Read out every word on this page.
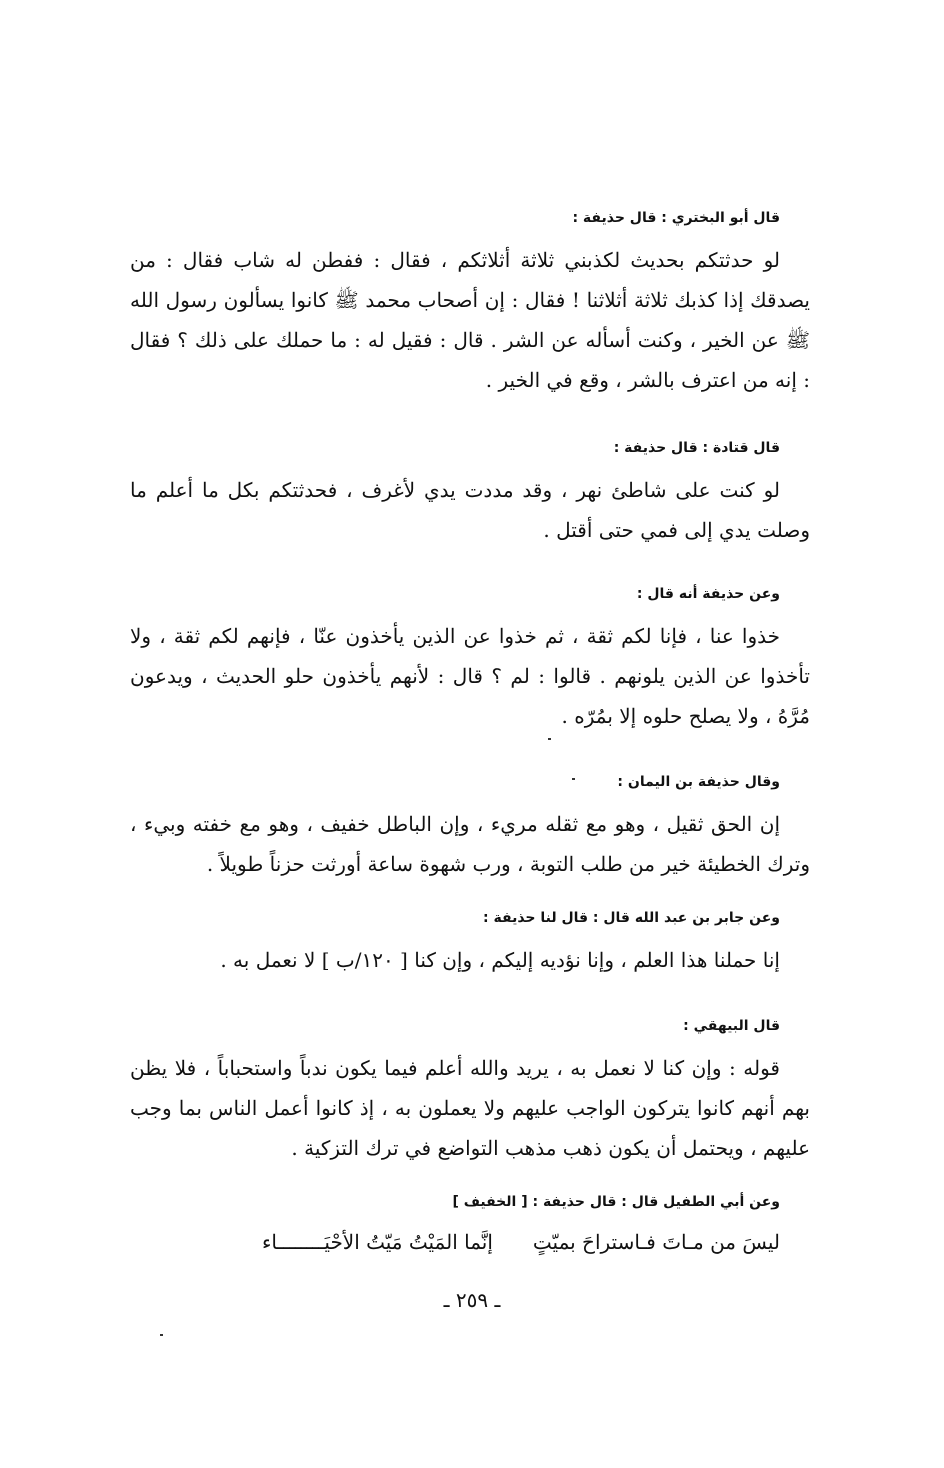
قال أبو البختري : قال حذيفة :

لو حدثتكم بحديث لكذبني ثلاثة أثلاثكم ، فقال : ففطن له شاب فقال : من يصدقك إذا كذبك ثلاثة أثلاثنا ! فقال : إن أصحاب محمد ﷺ كانوا يسألون رسول الله ﷺ عن الخير ، وكنت أسأله عن الشر . قال : فقيل له : ما حملك على ذلك ؟ فقال : إنه من اعترف بالشر ، وقع في الخير .

قال قتادة : قال حذيفة :

لو كنت على شاطئ نهر ، وقد مددت يدي لأغرف ، فحدثتكم بكل ما أعلم ما وصلت يدي إلى فمي حتى أقتل .

وعن حذيفة أنه قال :

خذوا عنا ، فإنا لكم ثقة ، ثم خذوا عن الذين يأخذون عنّا ، فإنهم لكم ثقة ، ولا تأخذوا عن الذين يلونهم . قالوا : لم ؟ قال : لأنهم يأخذون حلو الحديث ، ويدعون مُرَّهُ ، ولا يصلح حلوه إلا بمُرّه .

وقال حذيفة بن اليمان :

إن الحق ثقيل ، وهو مع ثقله مريء ، وإن الباطل خفيف ، وهو مع خفته وبيء ، وترك الخطيئة خير من طلب التوبة ، ورب شهوة ساعة أورثت حزناً طويلاً .

وعن جابر بن عبد الله قال : قال لنا حذيفة :

إنا حملنا هذا العلم ، وإنا نؤديه إليكم ، وإن كنا [ ١٢٠/ب ] لا نعمل به .

قال البيهقي :

قوله : وإن كنا لا نعمل به ، يريد والله أعلم فيما يكون ندباً واستحباباً ، فلا يظن بهم أنهم كانوا يتركون الواجب عليهم ولا يعملون به ، إذ كانوا أعمل الناس بما وجب عليهم ، ويحتمل أن يكون ذهب مذهب التواضع في ترك التزكية .

وعن أبي الطفيل قال : قال حذيفة : [ الخفيف ]

ليسَ من مـاتَ فـاستراحَ بميّتٍ
إنَّما المَيْتُ مَيّتُ الأحْيَــــــــاء
ـ ٢٥٩ ـ
